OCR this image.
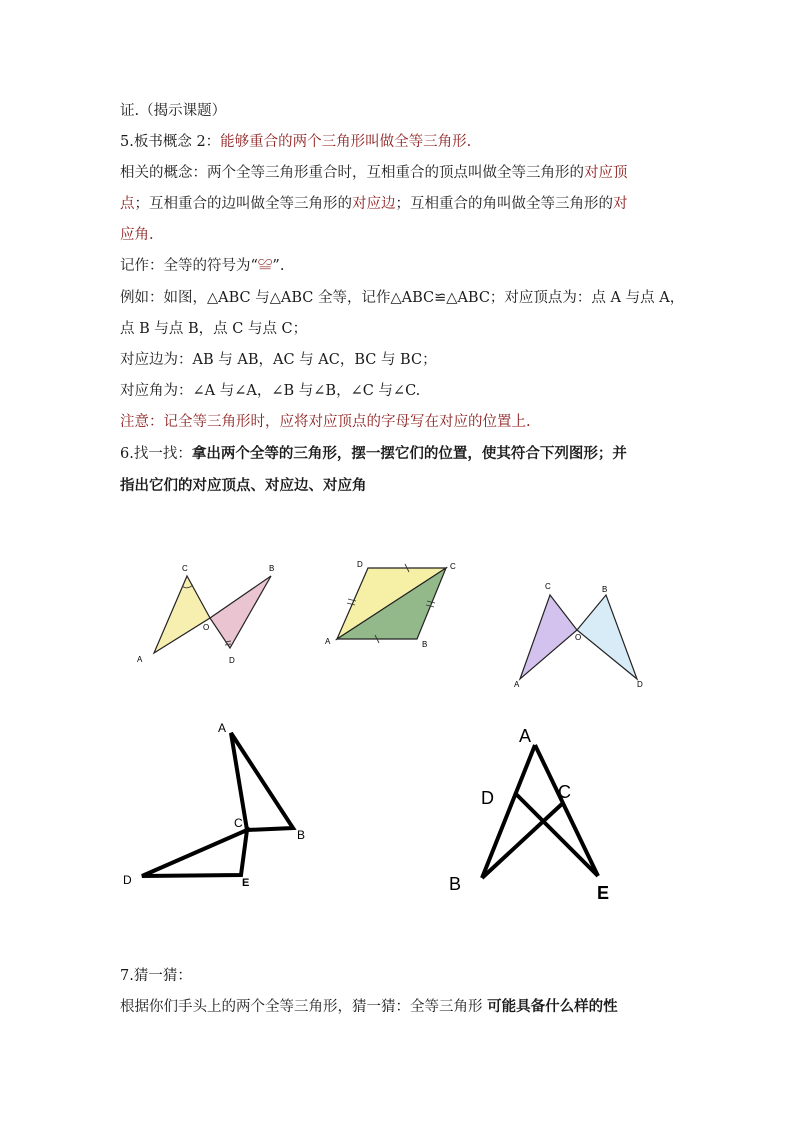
证.（揭示课题）
5.板书概念 2：能够重合的两个三角形叫做全等三角形.
相关的概念：两个全等三角形重合时，互相重合的顶点叫做全等三角形的对应顶
点；互相重合的边叫做全等三角形的对应边；互相重合的角叫做全等三角形的对
应角.
记作：全等的符号为“≌”.
例如：如图，△ABC 与△ABC 全等，记作△ABC≌△ABC；对应顶点为：点 A 与点 A，
点 B 与点 B，点 C 与点 C；
对应边为：AB 与 AB，AC 与 AC，BC 与 BC；
对应角为：∠A 与∠A，∠B 与∠B，∠C 与∠C.
注意：记全等三角形时，应将对应顶点的字母写在对应的位置上.
6.找一找：拿出两个全等的三角形，摆一摆它们的位置，使其符合下列图形；并
指出它们的对应顶点、对应边、对应角
C	B
O
A	D
D	C
A	B
C	B
O
A	D
A
C
B
D	E
A
D	C
B	E
7.猜一猜：
根据你们手头上的两个全等三角形，猜一猜：全等三角形 可能具备什么样的性
